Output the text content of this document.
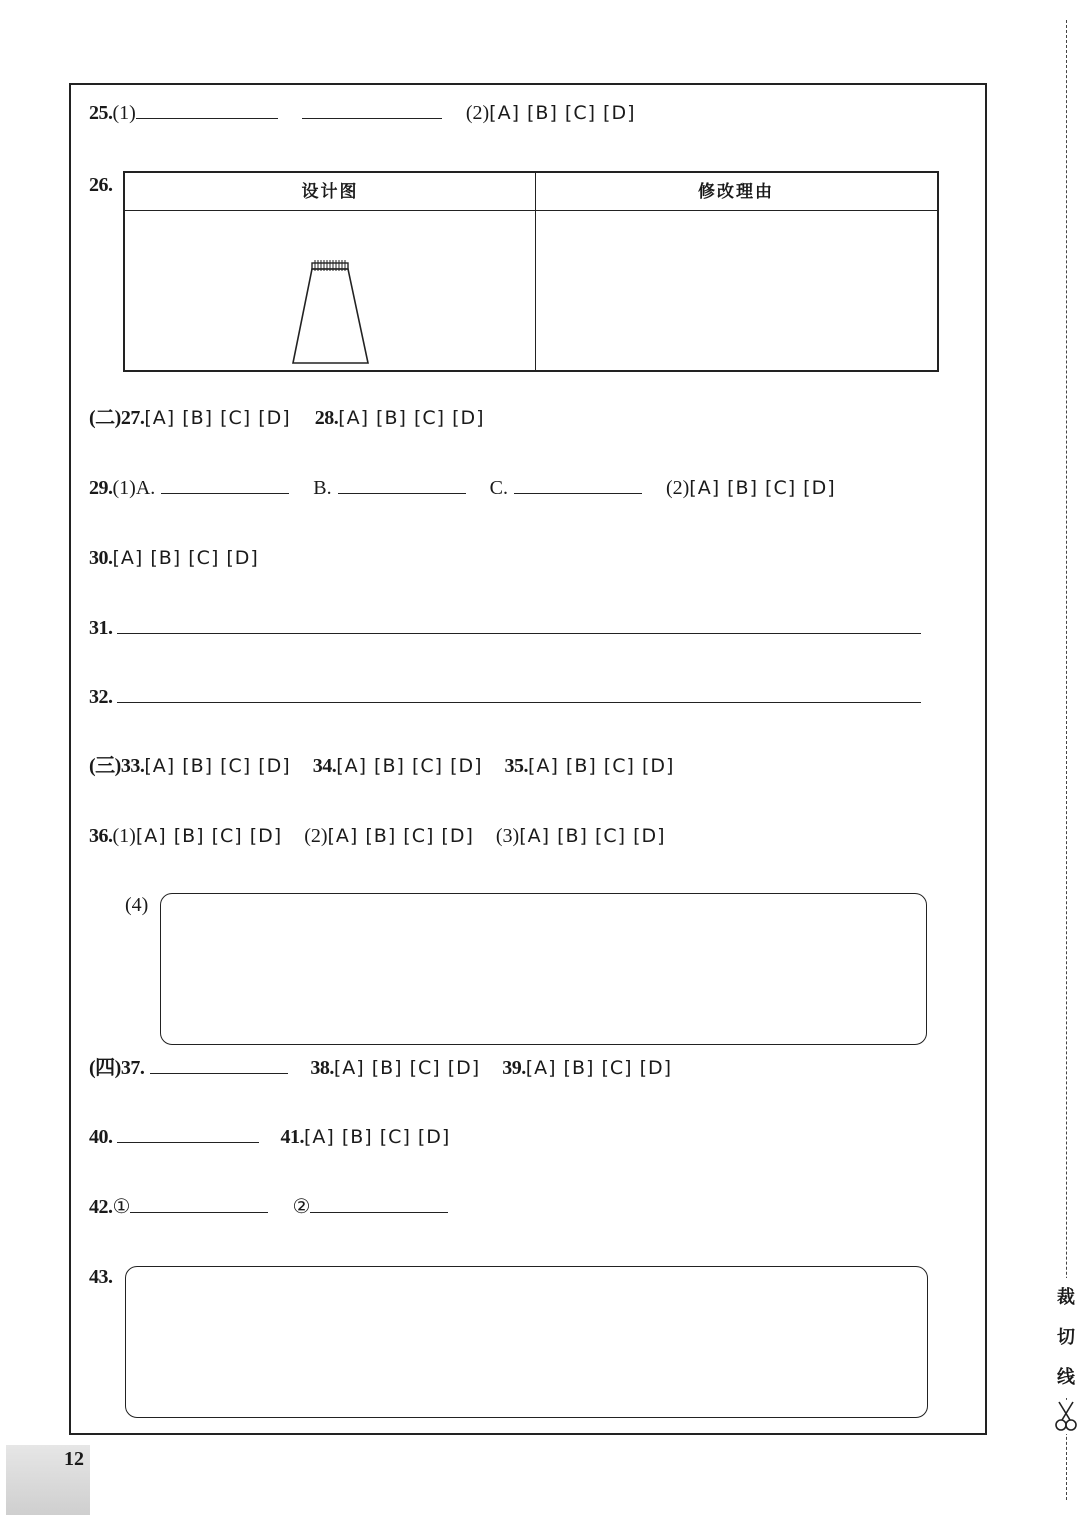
25.(1)	(2)[A] [B] [C] [D]
26.	设计图	修改理由
(二)27.[A] [B] [C] [D] 28.[A] [B] [C] [D]
29.(1)A.	B.	C.	(2)[A] [B] [C] [D]
30.[A] [B] [C] [D]
31.
32.
(三)33.[A] [B] [C] [D] 34.[A] [B] [C] [D] 35.[A] [B] [C] [D]
36.(1)[A] [B] [C] [D] (2)[A] [B] [C] [D] (3)[A] [B] [C] [D]
(4)
(四)37.	38.[A] [B] [C] [D] 39.[A] [B] [C] [D]
40.	41.[A] [B] [C] [D]
42.①	②
43.
裁
切
线
12
